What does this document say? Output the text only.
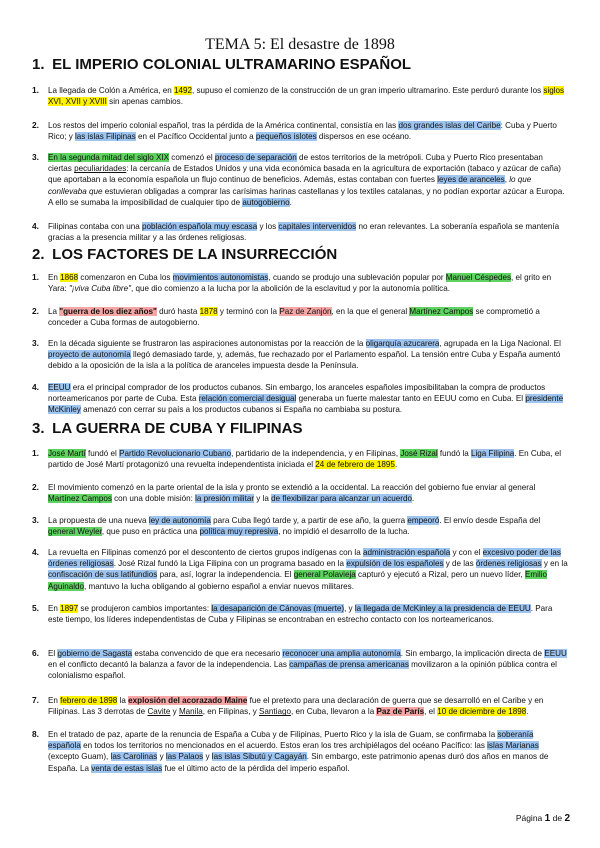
TEMA 5: El desastre de 1898
1. EL IMPERIO COLONIAL ULTRAMARINO ESPAÑOL
1. La llegada de Colón a América, en 1492, supuso el comienzo de la construcción de un gran imperio ultramarino. Este perduró durante los siglos XVI, XVII y XVIII sin apenas cambios.
2. Los restos del imperio colonial español, tras la pérdida de la América continental, consistía en las dos grandes islas del Caribe: Cuba y Puerto Rico; y las islas Filipinas en el Pacífico Occidental junto a pequeños islotes dispersos en ese océano.
3. En la segunda mitad del siglo XIX comenzó el proceso de separación de estos territorios de la metrópoli. Cuba y Puerto Rico presentaban ciertas peculiaridades: la cercanía de Estados Unidos y una vida económica basada en la agricultura de exportación (tabaco y azúcar de caña) que aportaban a la economía española un flujo continuo de beneficios. Además, estas contaban con fuertes leyes de aranceles, lo que conllevaba que estuvieran obligadas a comprar las carísimas harinas castellanas y los textiles catalanas, y no podían exportar azúcar a Europa. A ello se sumaba la imposibilidad de cualquier tipo de autogobierno.
4. Filipinas contaba con una población española muy escasa y los capitales intervenidos no eran relevantes. La soberanía española se mantenía gracias a la presencia militar y a las órdenes religiosas.
2. LOS FACTORES DE LA INSURRECCIÓN
1. En 1868 comenzaron en Cuba los movimientos autonomistas, cuando se produjo una sublevación popular por Manuel Céspedes, el grito en Yara: "¡viva Cuba libre", que dio comienzo a la lucha por la abolición de la esclavitud y por la autonomía política.
2. La "guerra de los diez años" duró hasta 1878 y terminó con la Paz de Zanjón, en la que el general Martínez Campos se comprometió a conceder a Cuba formas de autogobierno.
3. En la década siguiente se frustraron las aspiraciones autonomistas por la reacción de la oligarquía azucarera, agrupada en la Liga Nacional. El proyecto de autonomía llegó demasiado tarde, y, además, fue rechazado por el Parlamento español. La tensión entre Cuba y España aumentó debido a la oposición de la isla a la política de aranceles impuesta desde la Península.
4. EEUU era el principal comprador de los productos cubanos. Sin embargo, los aranceles españoles imposibilitaban la compra de productos norteamericanos por parte de Cuba. Esta relación comercial desigual generaba un fuerte malestar tanto en EEUU como en Cuba. El presidente McKinley amenazó con cerrar su país a los productos cubanos si España no cambiaba su postura.
3. LA GUERRA DE CUBA Y FILIPINAS
1. José Martí fundó el Partido Revolucionario Cubano, partidario de la independencia, y en Filipinas, José Rizal fundó la Liga Filipina. En Cuba, el partido de José Martí protagonizó una revuelta independentista iniciada el 24 de febrero de 1895.
2. El movimiento comenzó en la parte oriental de la isla y pronto se extendió a la occidental. La reacción del gobierno fue enviar al general Martínez Campos con una doble misión: la presión militar y la de flexibilizar para alcanzar un acuerdo.
3. La propuesta de una nueva ley de autonomía para Cuba llegó tarde y, a partir de ese año, la guerra empeoró. El envío desde España del general Weyler, que puso en práctica una política muy represiva, no impidió el desarrollo de la lucha.
4. La revuelta en Filipinas comenzó por el descontento de ciertos grupos indígenas con la administración española y con el excesivo poder de las órdenes religiosas. José Rizal fundó la Liga Filipina con un programa basado en la expulsión de los españoles y de las órdenes religiosas y en la confiscación de sus latifundios para, así, lograr la independencia. El general Polavieja capturó y ejecutó a Rizal, pero un nuevo líder, Emilio Aguinaldo, mantuvo la lucha obligando al gobierno español a enviar nuevos militares.
5. En 1897 se produjeron cambios importantes: la desaparición de Cánovas (muerte), y la llegada de McKinley a la presidencia de EEUU. Para este tiempo, los líderes independentistas de Cuba y Filipinas se encontraban en estrecho contacto con los norteamericanos.
6. El gobierno de Sagasta estaba convencido de que era necesario reconocer una amplia autonomía. Sin embargo, la implicación directa de EEUU en el conflicto decantó la balanza a favor de la independencia. Las campañas de prensa americanas movilizaron a la opinión pública contra el colonialismo español.
7. En febrero de 1898 la explosión del acorazado Maine fue el pretexto para una declaración de guerra que se desarrolló en el Caribe y en Filipinas. Las 3 derrotas de Cavite y Manila, en Filipinas, y Santiago, en Cuba, llevaron a la Paz de París, el 10 de diciembre de 1898.
8. En el tratado de paz, aparte de la renuncia de España a Cuba y de Filipinas, Puerto Rico y la isla de Guam, se confirmaba la soberanía española en todos los territorios no mencionados en el acuerdo. Estos eran los tres archipiélagos del océano Pacífico: las islas Marianas (excepto Guam), las Carolinas y las Palaos y las islas Sibutú y Cagayán. Sin embargo, este patrimonio apenas duró dos años en manos de España. La venta de estas islas fue el último acto de la pérdida del imperio español.
Página 1 de 2
